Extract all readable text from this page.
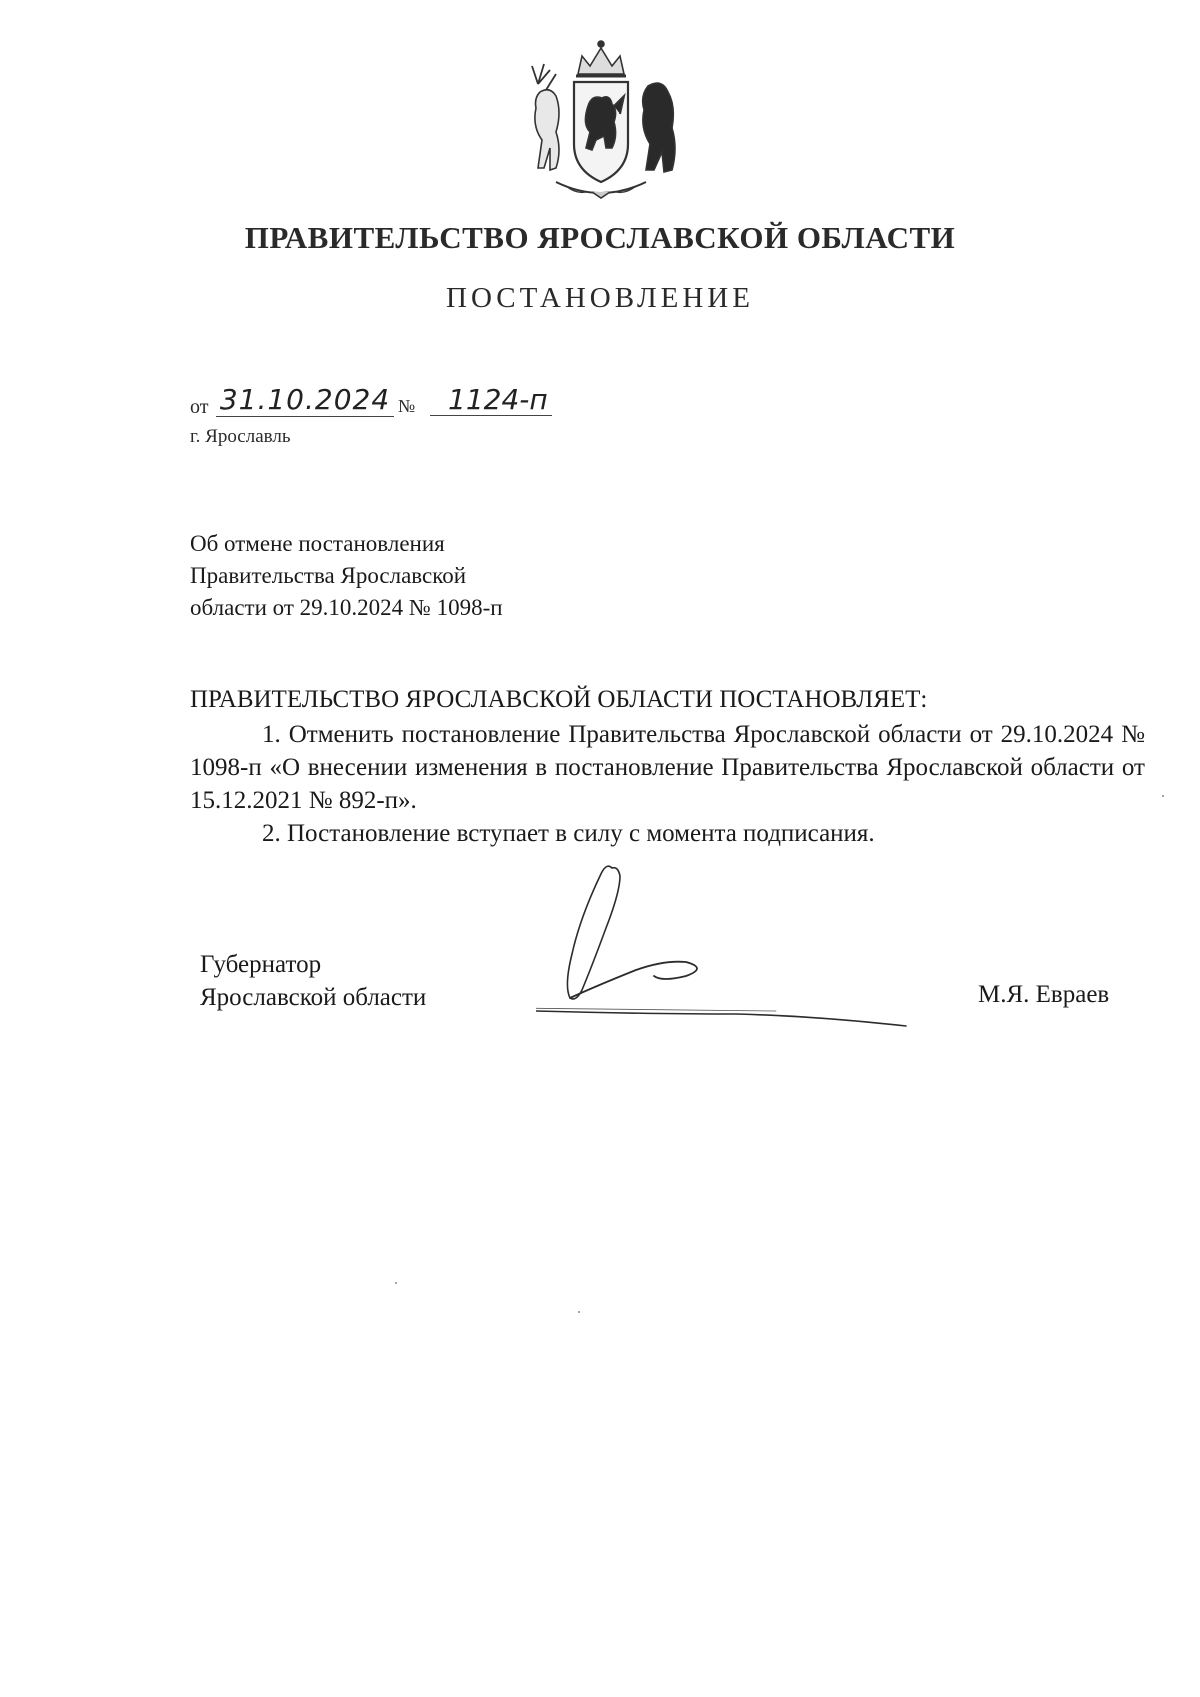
ПРАВИТЕЛЬСТВО ЯРОСЛАВСКОЙ ОБЛАСТИ
ПОСТАНОВЛЕНИЕ
от 31.10.2024 №	1124-п
г. Ярославль
Об отмене постановления
Правительства Ярославской
области от 29.10.2024 № 1098-п
ПРАВИТЕЛЬСТВО ЯРОСЛАВСКОЙ ОБЛАСТИ ПОСТАНОВЛЯЕТ:

1. Отменить постановление Правительства Ярославской области от 29.10.2024 № 1098-п «О внесении изменения в постановление Правительства Ярославской области от 15.12.2021 № 892-п».

2. Постановление вступает в силу с момента подписания.

Губернатор
Ярославской области	М.Я. Евраев
